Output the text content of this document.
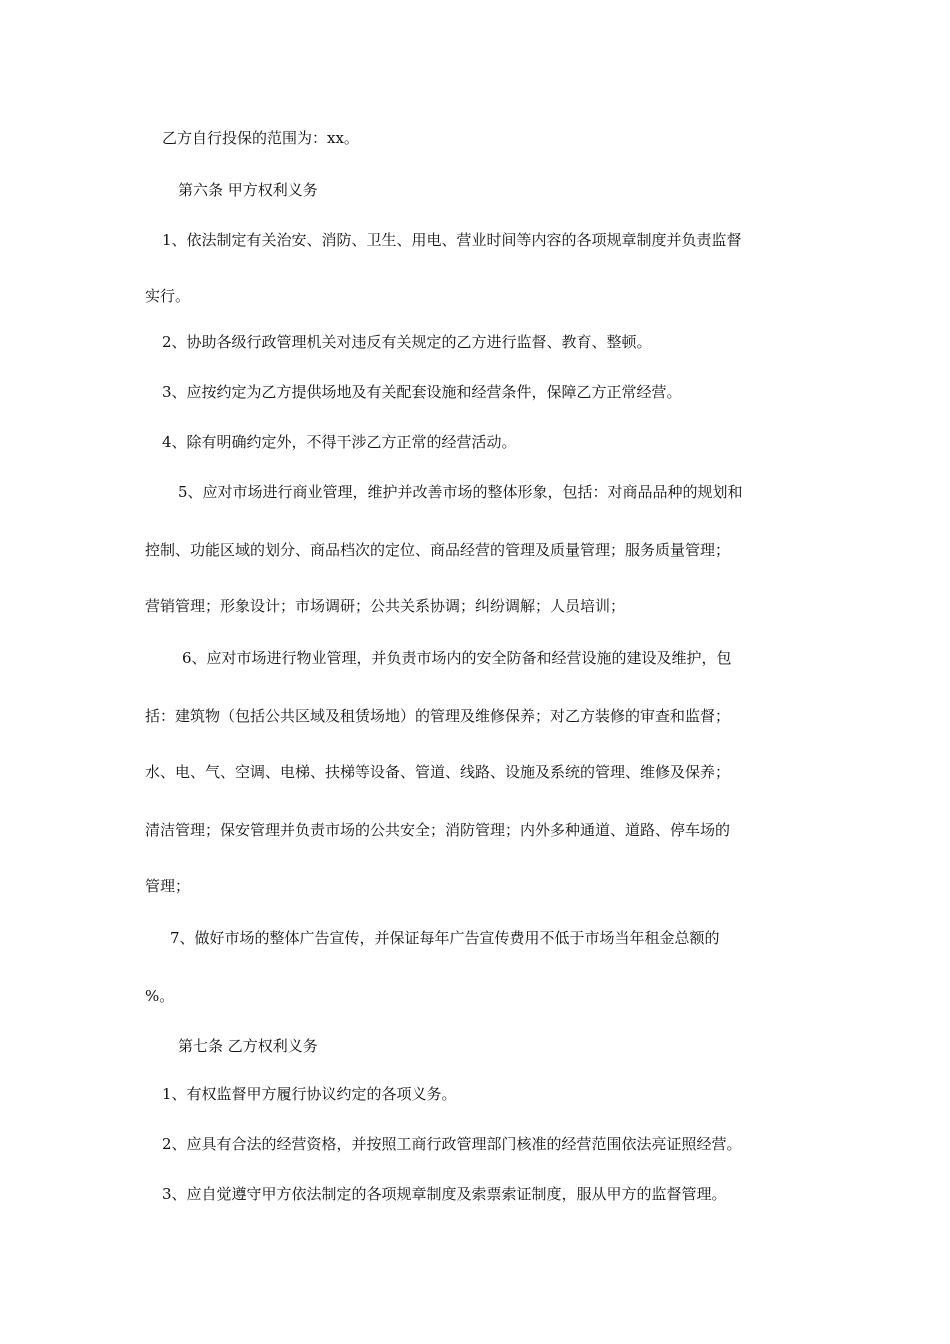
乙方自行投保的范围为：xx。
第六条 甲方权利义务
1、依法制定有关治安、消防、卫生、用电、营业时间等内容的各项规章制度并负责监督
实行。
2、协助各级行政管理机关对违反有关规定的乙方进行监督、教育、整顿。
3、应按约定为乙方提供场地及有关配套设施和经营条件，保障乙方正常经营。
4、除有明确约定外，不得干涉乙方正常的经营活动。
5、应对市场进行商业管理，维护并改善市场的整体形象，包括：对商品品种的规划和
控制、功能区域的划分、商品档次的定位、商品经营的管理及质量管理；服务质量管理；
营销管理；形象设计；市场调研；公共关系协调；纠纷调解；人员培训；
6、应对市场进行物业管理，并负责市场内的安全防备和经营设施的建设及维护，包
括：建筑物（包括公共区域及租赁场地）的管理及维修保养；对乙方装修的审查和监督；
水、电、气、空调、电梯、扶梯等设备、管道、线路、设施及系统的管理、维修及保养；
清洁管理；保安管理并负责市场的公共安全；消防管理；内外多种通道、道路、停车场的
管理；
7、做好市场的整体广告宣传，并保证每年广告宣传费用不低于市场当年租金总额的
%。
第七条 乙方权利义务
1、有权监督甲方履行协议约定的各项义务。
2、应具有合法的经营资格，并按照工商行政管理部门核准的经营范围依法亮证照经营。
3、应自觉遵守甲方依法制定的各项规章制度及索票索证制度，服从甲方的监督管理。
